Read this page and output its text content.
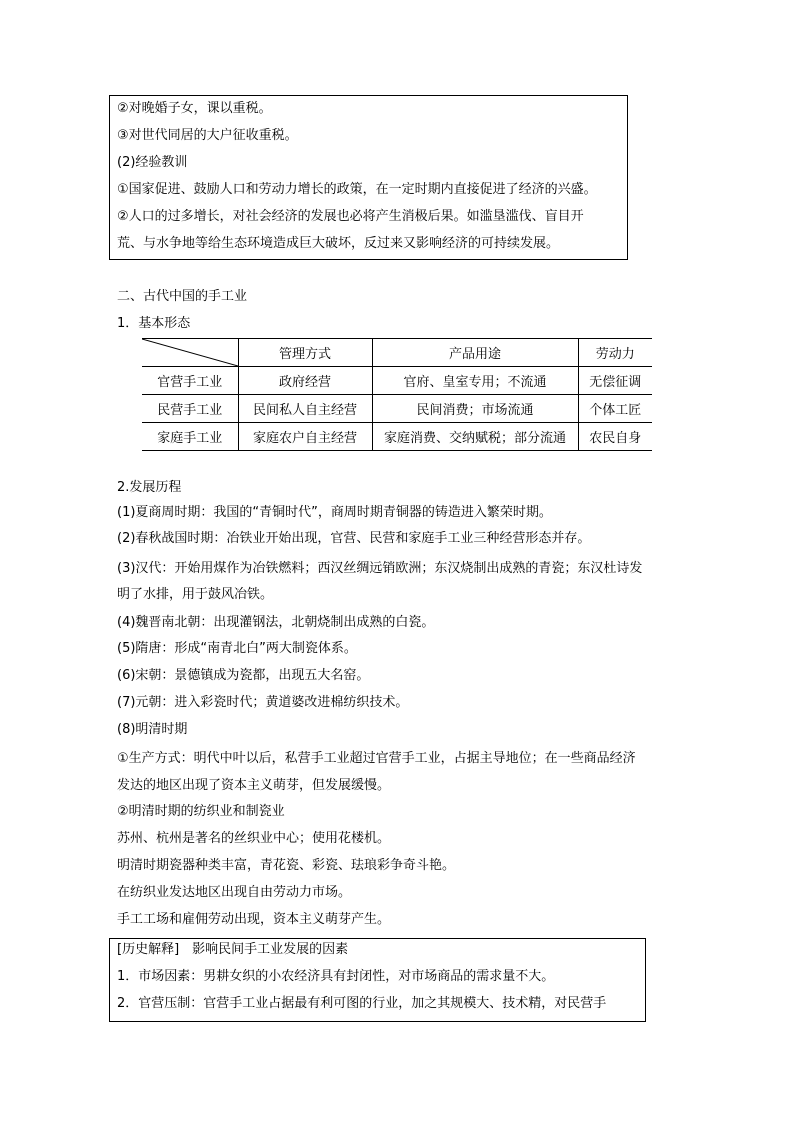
②对晚婚子女，课以重税。
③对世代同居的大户征收重税。
(2)经验教训
①国家促进、鼓励人口和劳动力增长的政策，在一定时期内直接促进了经济的兴盛。
②人口的过多增长，对社会经济的发展也必将产生消极后果。如滥垦滥伐、盲目开
荒、与水争地等给生态环境造成巨大破坏，反过来又影响经济的可持续发展。
二、古代中国的手工业
1．基本形态
	管理方式	产品用途	劳动力
官营手工业	政府经营	官府、皇室专用；不流通	无偿征调
民营手工业	民间私人自主经营	民间消费；市场流通	个体工匠
家庭手工业	家庭农户自主经营	家庭消费、交纳赋税；部分流通	农民自身
2.发展历程
(1)夏商周时期：我国的“青铜时代”，商周时期青铜器的铸造进入繁荣时期。
(2)春秋战国时期：冶铁业开始出现，官营、民营和家庭手工业三种经营形态并存。
(3)汉代：开始用煤作为冶铁燃料；西汉丝绸远销欧洲；东汉烧制出成熟的青瓷；东汉杜诗发
明了水排，用于鼓风冶铁。
(4)魏晋南北朝：出现灌钢法，北朝烧制出成熟的白瓷。
(5)隋唐：形成“南青北白”两大制瓷体系。
(6)宋朝：景德镇成为瓷都，出现五大名窑。
(7)元朝：进入彩瓷时代；黄道婆改进棉纺织技术。
(8)明清时期
①生产方式：明代中叶以后，私营手工业超过官营手工业，占据主导地位；在一些商品经济
发达的地区出现了资本主义萌芽，但发展缓慢。
②明清时期的纺织业和制瓷业
苏州、杭州是著名的丝织业中心；使用花楼机。
明清时期瓷器种类丰富，青花瓷、彩瓷、珐琅彩争奇斗艳。
在纺织业发达地区出现自由劳动力市场。
手工工场和雇佣劳动出现，资本主义萌芽产生。
[历史解释]　影响民间手工业发展的因素
1．市场因素：男耕女织的小农经济具有封闭性，对市场商品的需求量不大。
2．官营压制：官营手工业占据最有利可图的行业，加之其规模大、技术精，对民营手
